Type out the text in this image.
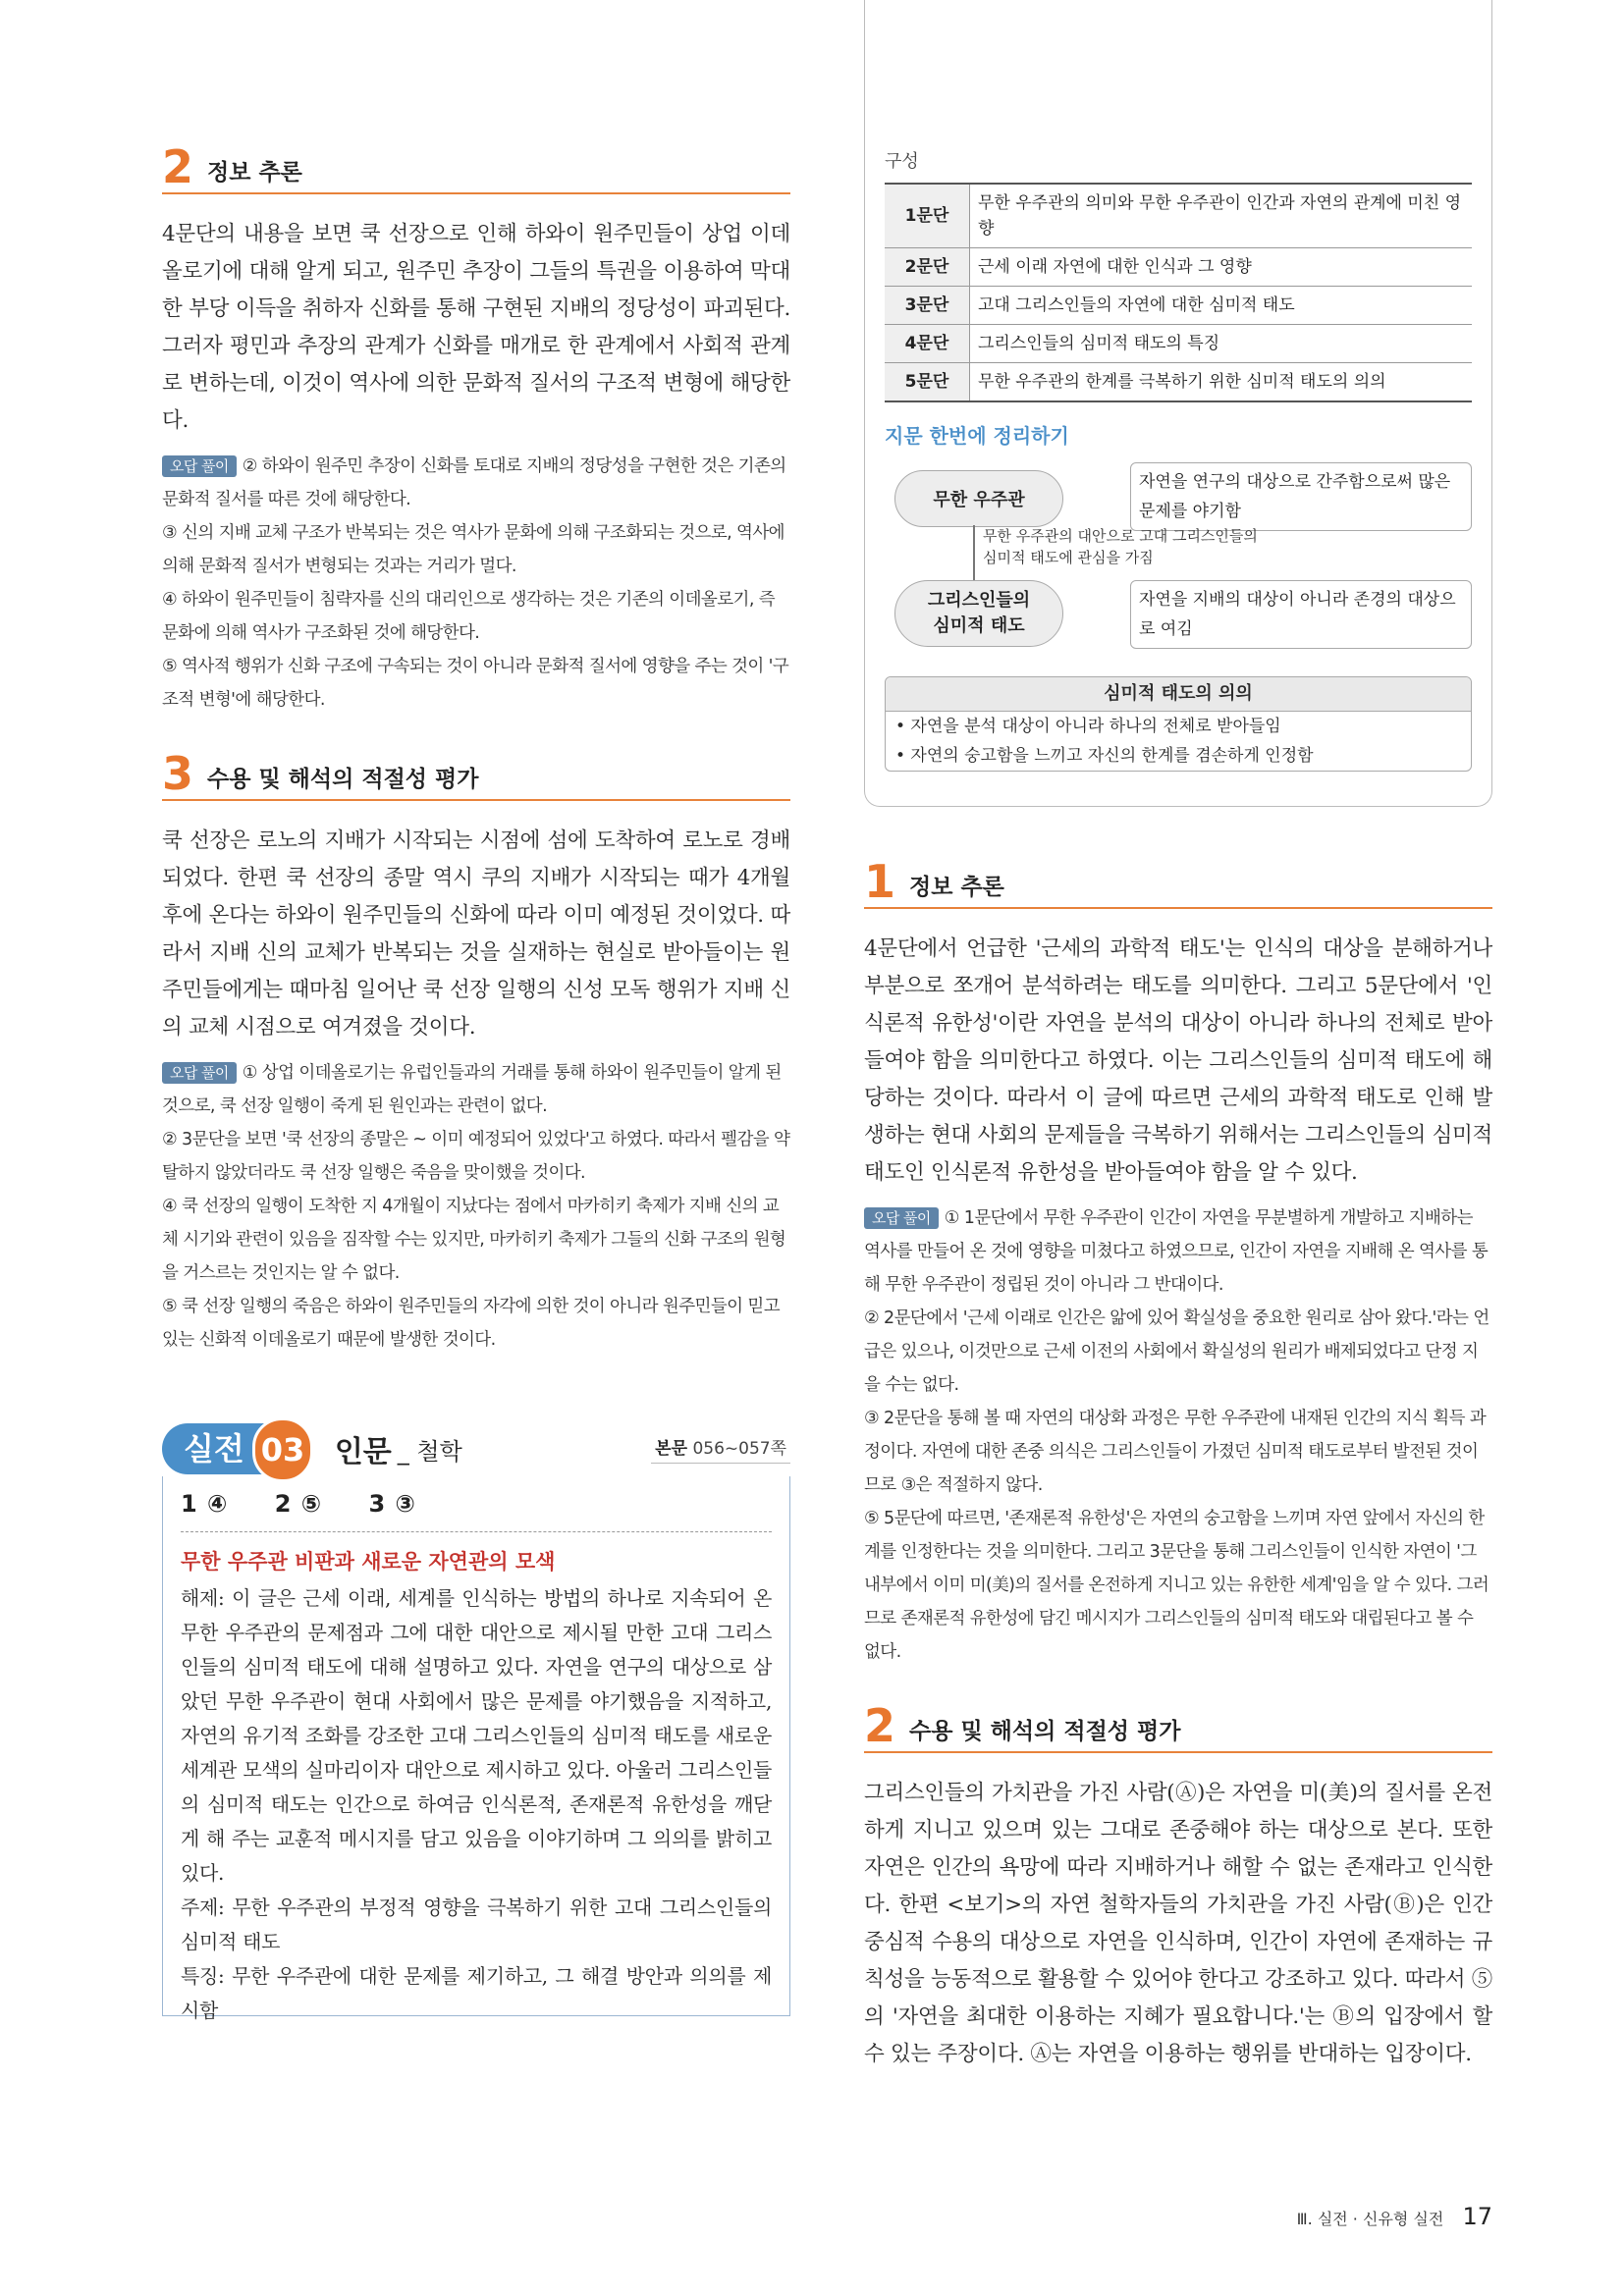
2 정보 추론

4문단의 내용을 보면 쿡 선장으로 인해 하와이 원주민들이 상업 이데올로기에 대해 알게 되고, 원주민 추장이 그들의 특권을 이용하여 막대한 부당 이득을 취하자 신화를 통해 구현된 지배의 정당성이 파괴된다. 그러자 평민과 추장의 관계가 신화를 매개로 한 관계에서 사회적 관계로 변하는데, 이것이 역사에 의한 문화적 질서의 구조적 변형에 해당한다.

오답 풀이 ② 하와이 원주민 추장이 신화를 토대로 지배의 정당성을 구현한 것은 기존의 문화적 질서를 따른 것에 해당한다.

③ 신의 지배 교체 구조가 반복되는 것은 역사가 문화에 의해 구조화되는 것으로, 역사에 의해 문화적 질서가 변형되는 것과는 거리가 멀다.

④ 하와이 원주민들이 침략자를 신의 대리인으로 생각하는 것은 기존의 이데올로기, 즉 문화에 의해 역사가 구조화된 것에 해당한다.

⑤ 역사적 행위가 신화 구조에 구속되는 것이 아니라 문화적 질서에 영향을 주는 것이 '구조적 변형'에 해당한다.

3 수용 및 해석의 적절성 평가

쿡 선장은 로노의 지배가 시작되는 시점에 섬에 도착하여 로노로 경배되었다. 한편 쿡 선장의 종말 역시 쿠의 지배가 시작되는 때가 4개월 후에 온다는 하와이 원주민들의 신화에 따라 이미 예정된 것이었다. 따라서 지배 신의 교체가 반복되는 것을 실재하는 현실로 받아들이는 원주민들에게는 때마침 일어난 쿡 선장 일행의 신성 모독 행위가 지배 신의 교체 시점으로 여겨졌을 것이다.

오답 풀이 ① 상업 이데올로기는 유럽인들과의 거래를 통해 하와이 원주민들이 알게 된 것으로, 쿡 선장 일행이 죽게 된 원인과는 관련이 없다.

② 3문단을 보면 '쿡 선장의 종말은 ~ 이미 예정되어 있었다'고 하였다. 따라서 펠감을 약탈하지 않았더라도 쿡 선장 일행은 죽음을 맞이했을 것이다.

④ 쿡 선장의 일행이 도착한 지 4개월이 지났다는 점에서 마카히키 축제가 지배 신의 교체 시기와 관련이 있음을 짐작할 수는 있지만, 마카히키 축제가 그들의 신화 구조의 원형을 거스르는 것인지는 알 수 없다.

⑤ 쿡 선장 일행의 죽음은 하와이 원주민들의 자각에 의한 것이 아니라 원주민들이 믿고 있는 신화적 이데올로기 때문에 발생한 것이다.

실전 03 인문 _ 철학	본문 056~057쪽
1 ④ 2 ⑤ 3 ③
무한 우주관 비판과 새로운 자연관의 모색

해제: 이 글은 근세 이래, 세계를 인식하는 방법의 하나로 지속되어 온 무한 우주관의 문제점과 그에 대한 대안으로 제시될 만한 고대 그리스인들의 심미적 태도에 대해 설명하고 있다. 자연을 연구의 대상으로 삼았던 무한 우주관이 현대 사회에서 많은 문제를 야기했음을 지적하고, 자연의 유기적 조화를 강조한 고대 그리스인들의 심미적 태도를 새로운 세계관 모색의 실마리이자 대안으로 제시하고 있다. 아울러 그리스인들의 심미적 태도는 인간으로 하여금 인식론적, 존재론적 유한성을 깨닫게 해 주는 교훈적 메시지를 담고 있음을 이야기하며 그 의의를 밝히고 있다.

주제: 무한 우주관의 부정적 영향을 극복하기 위한 고대 그리스인들의 심미적 태도

특징: 무한 우주관에 대한 문제를 제기하고, 그 해결 방안과 의의를 제시함

구성
1문단	무한 우주관의 의미와 무한 우주관이 인간과 자연의 관계에 미친 영향
2문단	근세 이래 자연에 대한 인식과 그 영향
3문단	고대 그리스인들의 자연에 대한 심미적 태도
4문단	그리스인들의 심미적 태도의 특징
5문단	무한 우주관의 한계를 극복하기 위한 심미적 태도의 의의
지문 한번에 정리하기
무한 우주관
자연을 연구의 대상으로 간주함으로써 많은 문제를 야기함
무한 우주관의 대안으로 고대 그리스인들의
심미적 태도에 관심을 가짐
그리스인들의
심미적 태도
자연을 지배의 대상이 아니라 존경의 대상으로 여김
심미적 태도의 의의
• 자연을 분석 대상이 아니라 하나의 전체로 받아들임
• 자연의 숭고함을 느끼고 자신의 한계를 겸손하게 인정함
1 정보 추론

4문단에서 언급한 '근세의 과학적 태도'는 인식의 대상을 분해하거나 부분으로 쪼개어 분석하려는 태도를 의미한다. 그리고 5문단에서 '인식론적 유한성'이란 자연을 분석의 대상이 아니라 하나의 전체로 받아들여야 함을 의미한다고 하였다. 이는 그리스인들의 심미적 태도에 해당하는 것이다. 따라서 이 글에 따르면 근세의 과학적 태도로 인해 발생하는 현대 사회의 문제들을 극복하기 위해서는 그리스인들의 심미적 태도인 인식론적 유한성을 받아들여야 함을 알 수 있다.

오답 풀이 ① 1문단에서 무한 우주관이 인간이 자연을 무분별하게 개발하고 지배하는 역사를 만들어 온 것에 영향을 미쳤다고 하였으므로, 인간이 자연을 지배해 온 역사를 통해 무한 우주관이 정립된 것이 아니라 그 반대이다.

② 2문단에서 '근세 이래로 인간은 앎에 있어 확실성을 중요한 원리로 삼아 왔다.'라는 언급은 있으나, 이것만으로 근세 이전의 사회에서 확실성의 원리가 배제되었다고 단정 지을 수는 없다.

③ 2문단을 통해 볼 때 자연의 대상화 과정은 무한 우주관에 내재된 인간의 지식 획득 과정이다. 자연에 대한 존중 의식은 그리스인들이 가졌던 심미적 태도로부터 발전된 것이므로 ③은 적절하지 않다.

⑤ 5문단에 따르면, '존재론적 유한성'은 자연의 숭고함을 느끼며 자연 앞에서 자신의 한계를 인정한다는 것을 의미한다. 그리고 3문단을 통해 그리스인들이 인식한 자연이 '그 내부에서 이미 미(美)의 질서를 온전하게 지니고 있는 유한한 세계'임을 알 수 있다. 그러므로 존재론적 유한성에 담긴 메시지가 그리스인들의 심미적 태도와 대립된다고 볼 수 없다.

2 수용 및 해석의 적절성 평가

그리스인들의 가치관을 가진 사람(Ⓐ)은 자연을 미(美)의 질서를 온전하게 지니고 있으며 있는 그대로 존중해야 하는 대상으로 본다. 또한 자연은 인간의 욕망에 따라 지배하거나 해할 수 없는 존재라고 인식한다. 한편 <보기>의 자연 철학자들의 가치관을 가진 사람(Ⓑ)은 인간 중심적 수용의 대상으로 자연을 인식하며, 인간이 자연에 존재하는 규칙성을 능동적으로 활용할 수 있어야 한다고 강조하고 있다. 따라서 ⑤의 '자연을 최대한 이용하는 지혜가 필요합니다.'는 Ⓑ의 입장에서 할 수 있는 주장이다. Ⓐ는 자연을 이용하는 행위를 반대하는 입장이다.

Ⅲ. 실전 · 신유형 실전 17
